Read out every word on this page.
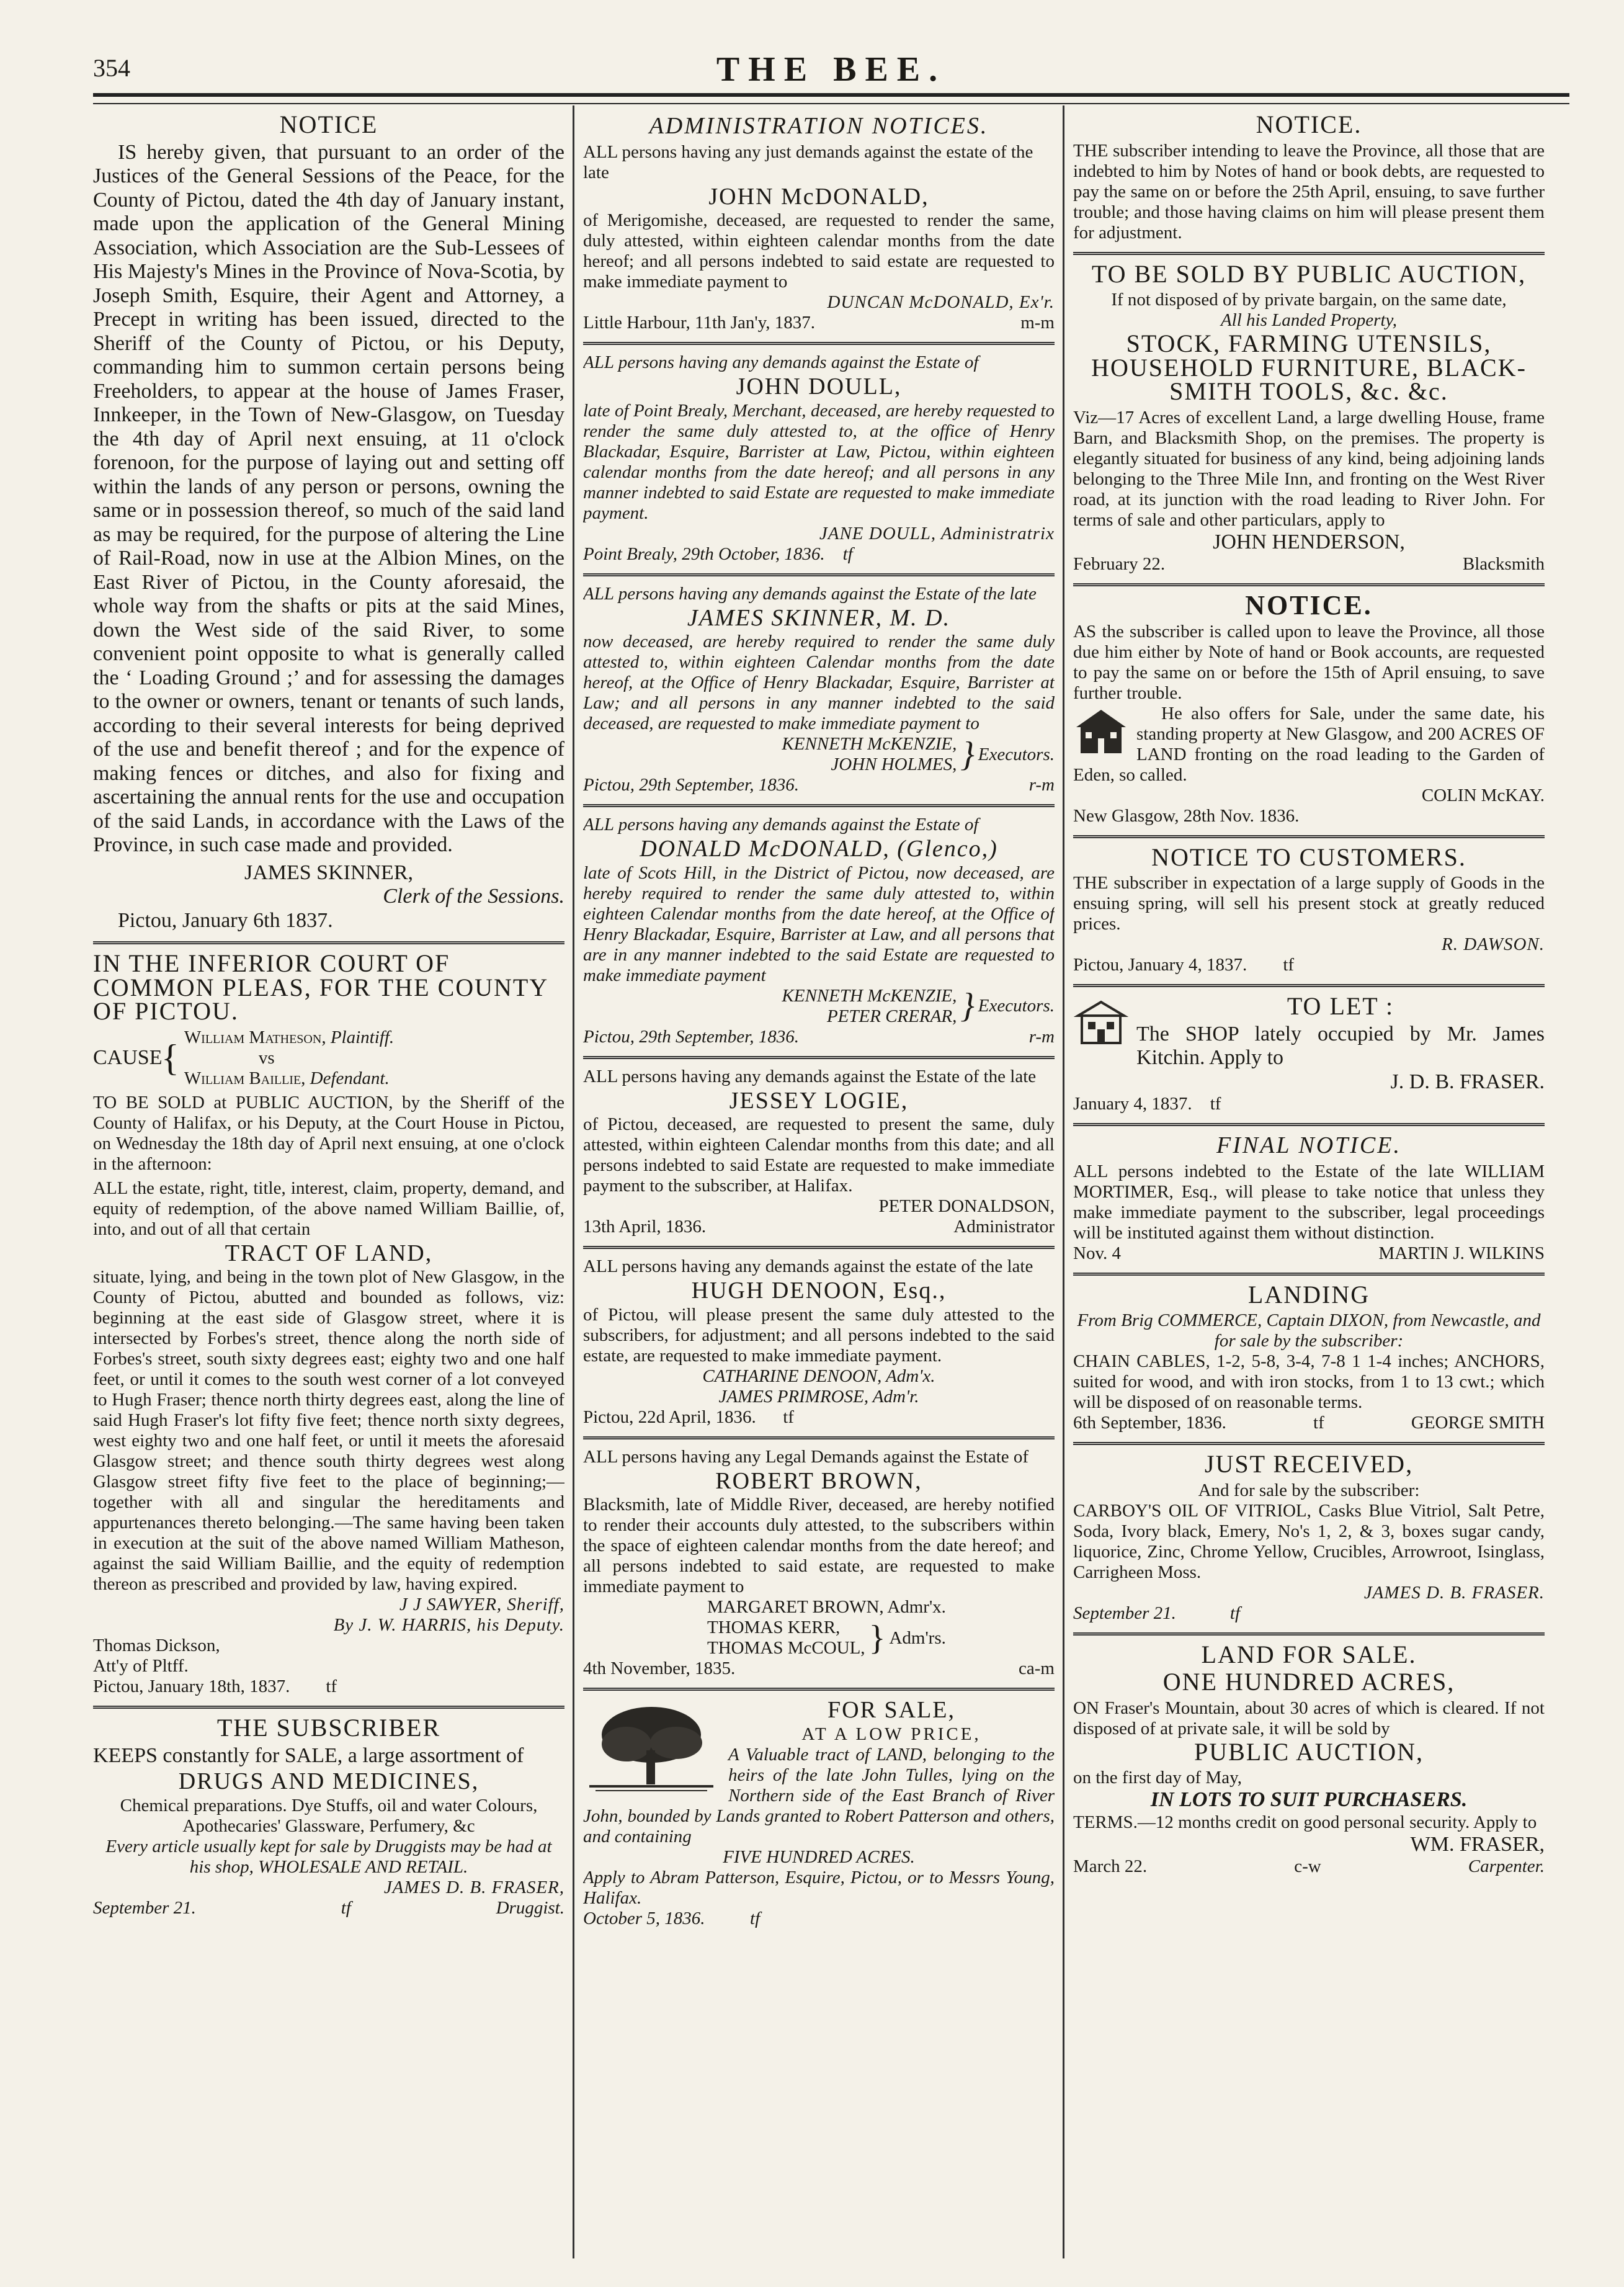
354	THE BEE.
NOTICE
IS hereby given, that pursuant to an order of the Justices of the General Sessions of the Peace, for the County of Pictou, dated the 4th day of January instant, made upon the application of the General Mining Association, which Association are the Sub-Lessees of His Majesty's Mines in the Province of Nova-Scotia, by Joseph Smith, Esquire, their Agent and Attorney, a Precept in writing has been issued, directed to the Sheriff of the County of Pictou, or his Deputy, commanding him to summon certain persons being Freeholders, to appear at the house of James Fraser, Innkeeper, in the Town of New-Glasgow, on Tuesday the 4th day of April next ensuing, at 11 o'clock forenoon, for the purpose of laying out and setting off within the lands of any person or persons, owning the same or in possession thereof, so much of the said land as may be required, for the purpose of altering the Line of Rail-Road, now in use at the Albion Mines, on the East River of Pictou, in the County aforesaid, the whole way from the shafts or pits at the said Mines, down the West side of the said River, to some convenient point opposite to what is generally called the ‘ Loading Ground ;’ and for assessing the damages to the owner or owners, tenant or tenants of such lands, according to their several interests for being deprived of the use and benefit thereof ; and for the expence of making fences or ditches, and also for fixing and ascertaining the annual rents for the use and occupation of the said Lands, in accordance with the Laws of the Province, in such case made and provided.
JAMES SKINNER,
Clerk of the Sessions.
Pictou, January 6th 1837.
IN THE INFERIOR COURT OF COMMON PLEAS, FOR THE COUNTY OF PICTOU.
CAUSE
{
William Matheson, Plaintiff.
vs
William Baillie, Defendant.
TO BE SOLD at PUBLIC AUCTION, by the Sheriff of the County of Halifax, or his Deputy, at the Court House in Pictou, on Wednesday the 18th day of April next ensuing, at one o'clock in the afternoon:
ALL the estate, right, title, interest, claim, property, demand, and equity of redemption, of the above named William Baillie, of, into, and out of all that certain
TRACT OF LAND,
situate, lying, and being in the town plot of New Glasgow, in the County of Pictou, abutted and bounded as follows, viz: beginning at the east side of Glasgow street, where it is intersected by Forbes's street, thence along the north side of Forbes's street, south sixty degrees east; eighty two and one half feet, or until it comes to the south west corner of a lot conveyed to Hugh Fraser; thence north thirty degrees east, along the line of said Hugh Fraser's lot fifty five feet; thence north sixty degrees, west eighty two and one half feet, or until it meets the aforesaid Glasgow street; and thence south thirty degrees west along Glasgow street fifty five feet to the place of beginning;—together with all and singular the hereditaments and appurtenances thereto belonging.—The same having been taken in execution at the suit of the above named William Matheson, against the said William Baillie, and the equity of redemption thereon as prescribed and provided by law, having expired.
J J SAWYER, Sheriff,
By J. W. HARRIS, his Deputy.
Thomas Dickson,
Att'y of Pltff.
Pictou, January 18th, 1837. tf
THE SUBSCRIBER
KEEPS constantly for SALE, a large assortment of
DRUGS AND MEDICINES,
Chemical preparations. Dye Stuffs, oil and water Colours, Apothecaries' Glassware, Perfumery, &c
Every article usually kept for sale by Druggists may be had at his shop, WHOLESALE AND RETAIL.
JAMES D. B. FRASER,
September 21.	tf	Druggist.
ADMINISTRATION NOTICES.
ALL persons having any just demands against the estate of the late
JOHN McDONALD,
of Merigomishe, deceased, are requested to render the same, duly attested, within eighteen calendar months from the date hereof; and all persons indebted to said estate are requested to make immediate payment to
DUNCAN McDONALD, Ex'r.
Little Harbour, 11th Jan'y, 1837.	m-m
ALL persons having any demands against the Estate of
JOHN DOULL,
late of Point Brealy, Merchant, deceased, are hereby requested to render the same duly attested to, at the office of Henry Blackadar, Esquire, Barrister at Law, Pictou, within eighteen calendar months from the date hereof; and all persons in any manner indebted to said Estate are requested to make immediate payment.
JANE DOULL, Administratrix
Point Brealy, 29th October, 1836. tf
ALL persons having any demands against the Estate of the late
JAMES SKINNER, M. D.
now deceased, are hereby required to render the same duly attested to, within eighteen Calendar months from the date hereof, at the Office of Henry Blackadar, Esquire, Barrister at Law; and all persons in any manner indebted to the said deceased, are requested to make immediate payment to
KENNETH McKENZIE,
JOHN HOLMES, } Executors.
Pictou, 29th September, 1836.	r-m
ALL persons having any demands against the Estate of
DONALD McDONALD, (Glenco,)
late of Scots Hill, in the District of Pictou, now deceased, are hereby required to render the same duly attested to, within eighteen Calendar months from the date hereof, at the Office of Henry Blackadar, Esquire, Barrister at Law, and all persons that are in any manner indebted to the said Estate are requested to make immediate payment
KENNETH McKENZIE,
PETER CRERAR, } Executors.
Pictou, 29th September, 1836.	r-m
ALL persons having any demands against the Estate of the late
JESSEY LOGIE,
of Pictou, deceased, are requested to present the same, duly attested, within eighteen Calendar months from this date; and all persons indebted to said Estate are requested to make immediate payment to the subscriber, at Halifax.
PETER DONALDSON,
13th April, 1836.	Administrator
ALL persons having any demands against the estate of the late
HUGH DENOON, Esq.,
of Pictou, will please present the same duly attested to the subscribers, for adjustment; and all persons indebted to the said estate, are requested to make immediate payment.
CATHARINE DENOON, Adm'x.
JAMES PRIMROSE, Adm'r.
Pictou, 22d April, 1836. tf
ALL persons having any Legal Demands against the Estate of
ROBERT BROWN,
Blacksmith, late of Middle River, deceased, are hereby notified to render their accounts duly attested, to the subscribers within the space of eighteen calendar months from the date hereof; and all persons indebted to said estate, are requested to make immediate payment to
MARGARET BROWN, Admr'x.
THOMAS KERR,
THOMAS McCOUL, } Adm'rs.
4th November, 1835.	ca-m
FOR SALE,
AT A LOW PRICE,
A Valuable tract of LAND, belonging to the heirs of the late John Tulles, lying on the Northern side of the East Branch of River John, bounded by Lands granted to Robert Patterson and others, and containing
FIVE HUNDRED ACRES.
Apply to Abram Patterson, Esquire, Pictou, or to Messrs Young, Halifax.
October 5, 1836.	tf
NOTICE.
THE subscriber intending to leave the Province, all those that are indebted to him by Notes of hand or book debts, are requested to pay the same on or before the 25th April, ensuing, to save further trouble; and those having claims on him will please present them for adjustment.
TO BE SOLD BY PUBLIC AUCTION,
If not disposed of by private bargain, on the same date,
All his Landed Property,
STOCK, FARMING UTENSILS, HOUSEHOLD FURNITURE, BLACK-SMITH TOOLS, &c. &c.
Viz—17 Acres of excellent Land, a large dwelling House, frame Barn, and Blacksmith Shop, on the premises. The property is elegantly situated for business of any kind, being adjoining lands belonging to the Three Mile Inn, and fronting on the West River road, at its junction with the road leading to River John. For terms of sale and other particulars, apply to
JOHN HENDERSON,
February 22.	Blacksmith
NOTICE.
AS the subscriber is called upon to leave the Province, all those due him either by Note of hand or Book accounts, are requested to pay the same on or before the 15th of April ensuing, to save further trouble.
He also offers for Sale, under the same date, his standing property at New Glasgow, and 200 ACRES OF LAND fronting on the road leading to the Garden of Eden, so called.
COLIN McKAY.
New Glasgow, 28th Nov. 1836.
NOTICE TO CUSTOMERS.
THE subscriber in expectation of a large supply of Goods in the ensuing spring, will sell his present stock at greatly reduced prices.
R. DAWSON.
Pictou, January 4, 1837. tf
TO LET :
The SHOP lately occupied by Mr. James Kitchin. Apply to
J. D. B. FRASER.
January 4, 1837. tf
FINAL NOTICE.
ALL persons indebted to the Estate of the late WILLIAM MORTIMER, Esq., will please to take notice that unless they make immediate payment to the subscriber, legal proceedings will be instituted against them without distinction.
Nov. 4	MARTIN J. WILKINS
LANDING
From Brig COMMERCE, Captain DIXON, from Newcastle, and for sale by the subscriber:
CHAIN CABLES, 1-2, 5-8, 3-4, 7-8 1 1-4 inches; ANCHORS, suited for wood, and with iron stocks, from 1 to 13 cwt.; which will be disposed of on reasonable terms.
6th September, 1836.	tf	GEORGE SMITH
JUST RECEIVED,
And for sale by the subscriber:
CARBOY'S OIL OF VITRIOL, Casks Blue Vitriol, Salt Petre, Soda, Ivory black, Emery, No's 1, 2, & 3, boxes sugar candy, liquorice, Zinc, Chrome Yellow, Crucibles, Arrowroot, Isinglass, Carrigheen Moss.
JAMES D. B. FRASER.
September 21.	tf
LAND FOR SALE.
ONE HUNDRED ACRES,
ON Fraser's Mountain, about 30 acres of which is cleared. If not disposed of at private sale, it will be sold by
PUBLIC AUCTION,
on the first day of May,
IN LOTS TO SUIT PURCHASERS.
TERMS.—12 months credit on good personal security. Apply to
WM. FRASER,
March 22.	c-w	Carpenter.
